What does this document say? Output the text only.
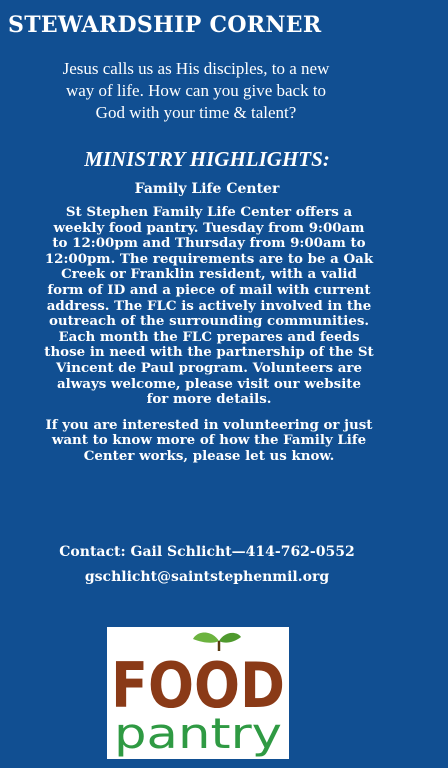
STEWARDSHIP CORNER
Jesus calls us as His disciples, to a new
way of life. How can you give back to
God with your time & talent?
MINISTRY HIGHLIGHTS:
Family Life Center

St Stephen Family Life Center offers a
weekly food pantry. Tuesday from 9:00am
to 12:00pm and Thursday from 9:00am to
12:00pm. The requirements are to be a Oak
Creek or Franklin resident, with a valid
form of ID and a piece of mail with current
address. The FLC is actively involved in the
outreach of the surrounding communities.
Each month the FLC prepares and feeds
those in need with the partnership of the St
Vincent de Paul program. Volunteers are
always welcome, please visit our website
for more details.

If you are interested in volunteering or just
want to know more of how the Family Life
Center works, please let us know.

Contact: Gail Schlicht—414-762-0552
gschlicht@saintstephenmil.org
FOOD
pantry
